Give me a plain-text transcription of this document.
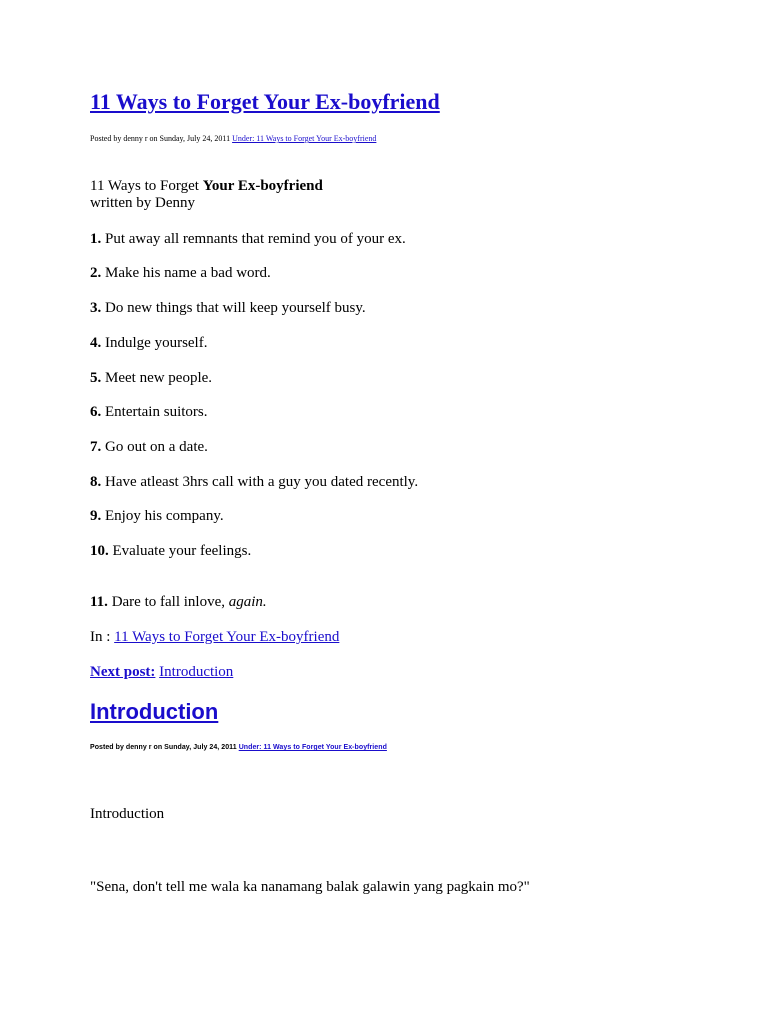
11 Ways to Forget Your Ex-boyfriend
Posted by denny r on Sunday, July 24, 2011 Under: 11 Ways to Forget Your Ex-boyfriend
11 Ways to Forget Your Ex-boyfriend
written by Denny
1. Put away all remnants that remind you of your ex.
2. Make his name a bad word.
3. Do new things that will keep yourself busy.
4. Indulge yourself.
5. Meet new people.
6. Entertain suitors.
7. Go out on a date.
8. Have atleast 3hrs call with a guy you dated recently.
9. Enjoy his company.
10. Evaluate your feelings.
11. Dare to fall inlove, again.
In : 11 Ways to Forget Your Ex-boyfriend
Next post: Introduction
Introduction
Posted by denny r on Sunday, July 24, 2011 Under: 11 Ways to Forget Your Ex-boyfriend
Introduction
"Sena, don't tell me wala ka nanamang balak galawin yang pagkain mo?"
